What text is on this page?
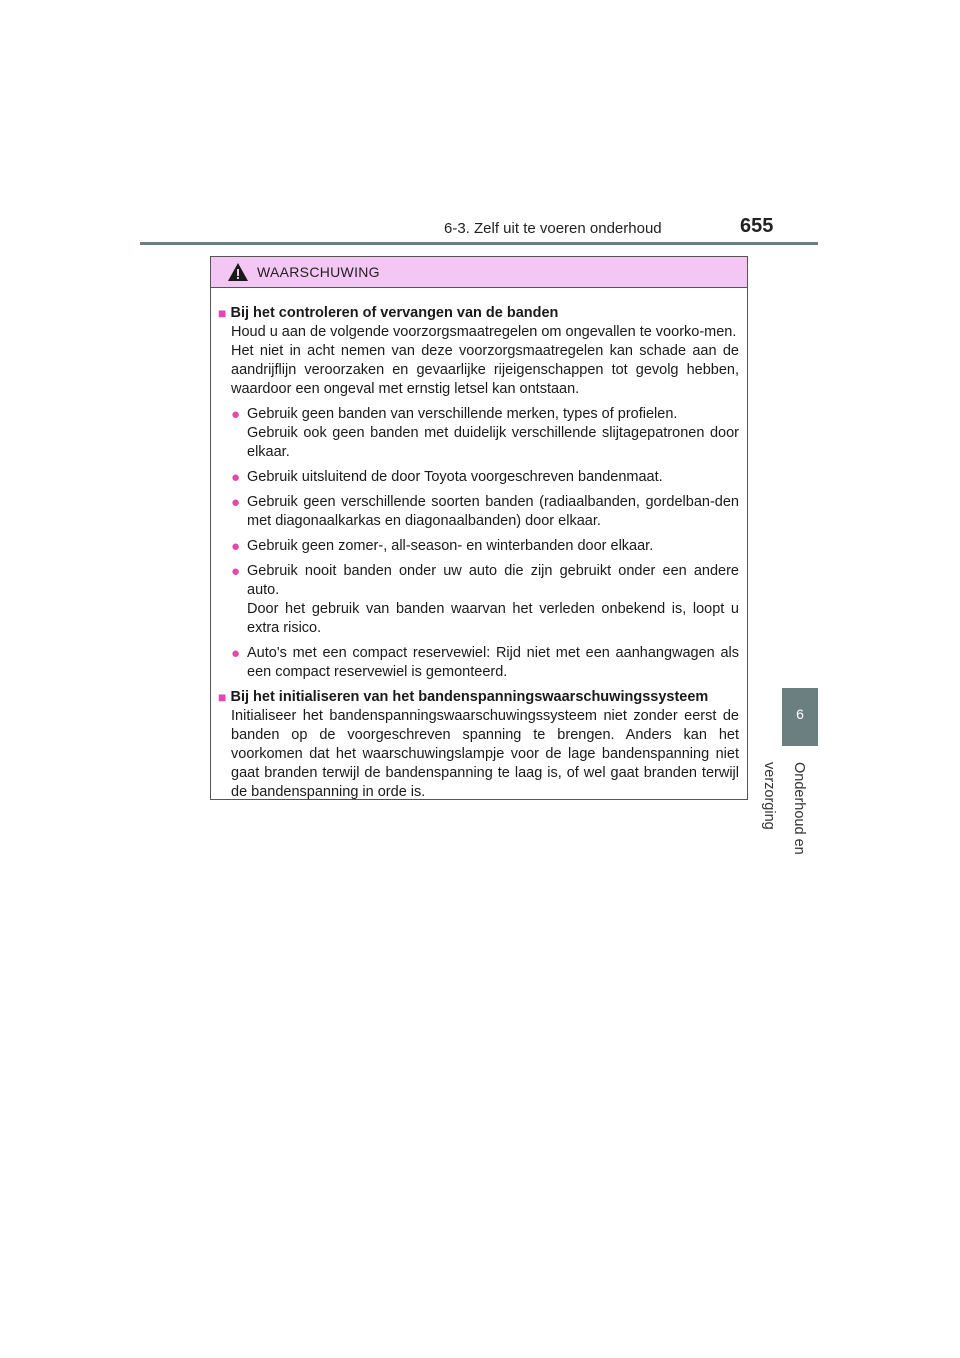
6-3. Zelf uit te voeren onderhoud	655
6
Onderhoud en verzorging
WAARSCHUWING
■ Bij het controleren of vervangen van de banden
Houd u aan de volgende voorzorgsmaatregelen om ongevallen te voorko-men.
Het niet in acht nemen van deze voorzorgsmaatregelen kan schade aan de aandrijflijn veroorzaken en gevaarlijke rijeigenschappen tot gevolg hebben, waardoor een ongeval met ernstig letsel kan ontstaan.
● Gebruik geen banden van verschillende merken, types of profielen.
Gebruik ook geen banden met duidelijk verschillende slijtagepatronen door elkaar.
● Gebruik uitsluitend de door Toyota voorgeschreven bandenmaat.
● Gebruik geen verschillende soorten banden (radiaalbanden, gordelban-den met diagonaalkarkas en diagonaalbanden) door elkaar.
● Gebruik geen zomer-, all-season- en winterbanden door elkaar.
● Gebruik nooit banden onder uw auto die zijn gebruikt onder een andere auto.
Door het gebruik van banden waarvan het verleden onbekend is, loopt u extra risico.
● Auto's met een compact reservewiel: Rijd niet met een aanhangwagen als een compact reservewiel is gemonteerd.
■ Bij het initialiseren van het bandenspanningswaarschuwingssysteem
Initialiseer het bandenspanningswaarschuwingssysteem niet zonder eerst de banden op de voorgeschreven spanning te brengen. Anders kan het voorkomen dat het waarschuwingslampje voor de lage bandenspanning niet gaat branden terwijl de bandenspanning te laag is, of wel gaat branden terwijl de bandenspanning in orde is.
